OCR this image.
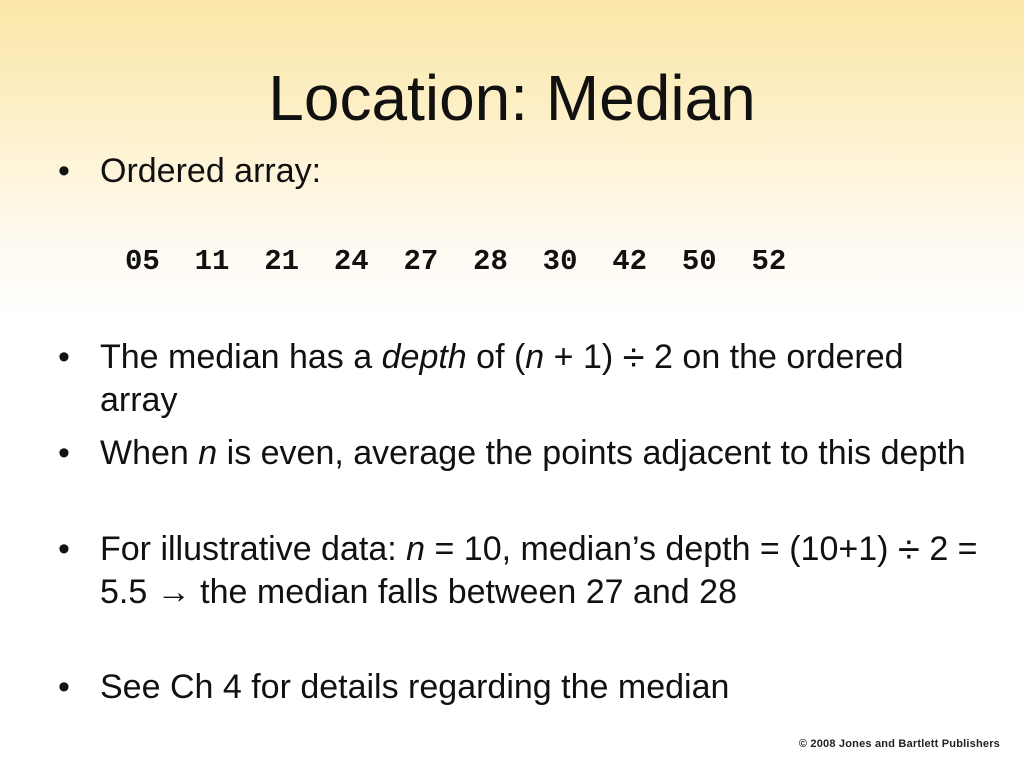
Location: Median
• Ordered array:
05  11  21  24  27  28  30  42  50  52
• The median has a depth of (n + 1) ÷ 2 on the ordered array
• When n is even, average the points adjacent to this depth
• For illustrative data: n = 10, median’s depth = (10+1) ÷ 2 = 5.5 → the median falls between 27 and 28
• See Ch 4 for details regarding the median
© 2008 Jones and Bartlett Publishers
